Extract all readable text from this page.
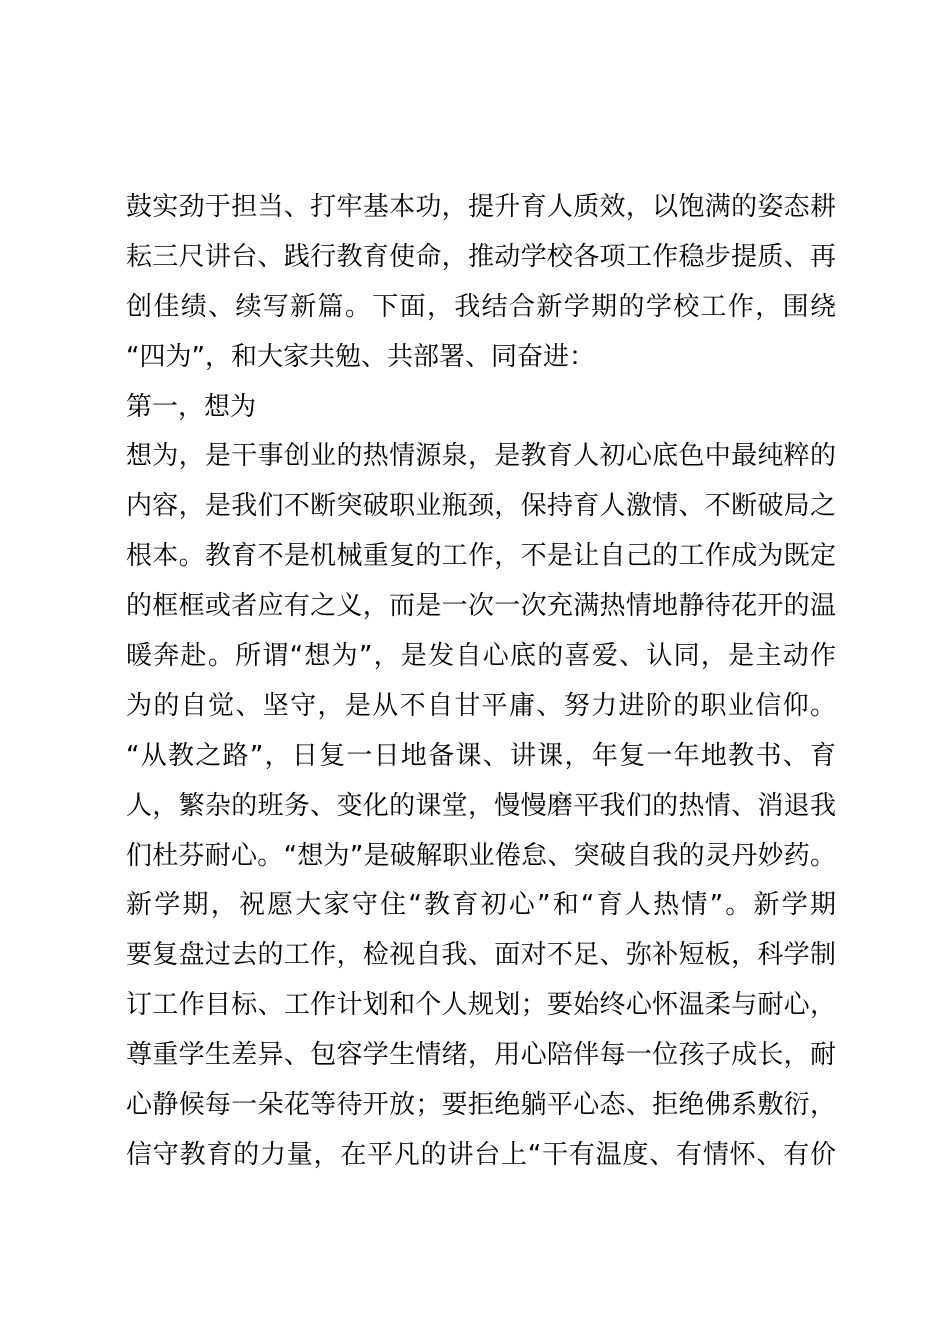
鼓实劲于担当、打牢基本功，提升育人质效，以饱满的姿态耕
耘三尺讲台、践行教育使命，推动学校各项工作稳步提质、再
创佳绩、续写新篇。下面，我结合新学期的学校工作，围绕
“四为”，和大家共勉、共部署、同奋进：
第一，想为
想为，是干事创业的热情源泉，是教育人初心底色中最纯粹的
内容，是我们不断突破职业瓶颈，保持育人激情、不断破局之
根本。教育不是机械重复的工作，不是让自己的工作成为既定
的框框或者应有之义，而是一次一次充满热情地静待花开的温
暖奔赴。所谓“想为”，是发自心底的喜爱、认同，是主动作
为的自觉、坚守，是从不自甘平庸、努力进阶的职业信仰。
“从教之路”，日复一日地备课、讲课，年复一年地教书、育
人，繁杂的班务、变化的课堂，慢慢磨平我们的热情、消退我
们杜芬耐心。“想为”是破解职业倦怠、突破自我的灵丹妙药。
新学期，祝愿大家守住“教育初心”和“育人热情”。新学期
要复盘过去的工作，检视自我、面对不足、弥补短板，科学制
订工作目标、工作计划和个人规划；要始终心怀温柔与耐心，
尊重学生差异、包容学生情绪，用心陪伴每一位孩子成长，耐
心静候每一朵花等待开放；要拒绝躺平心态、拒绝佛系敷衍，
信守教育的力量，在平凡的讲台上“干有温度、有情怀、有价
